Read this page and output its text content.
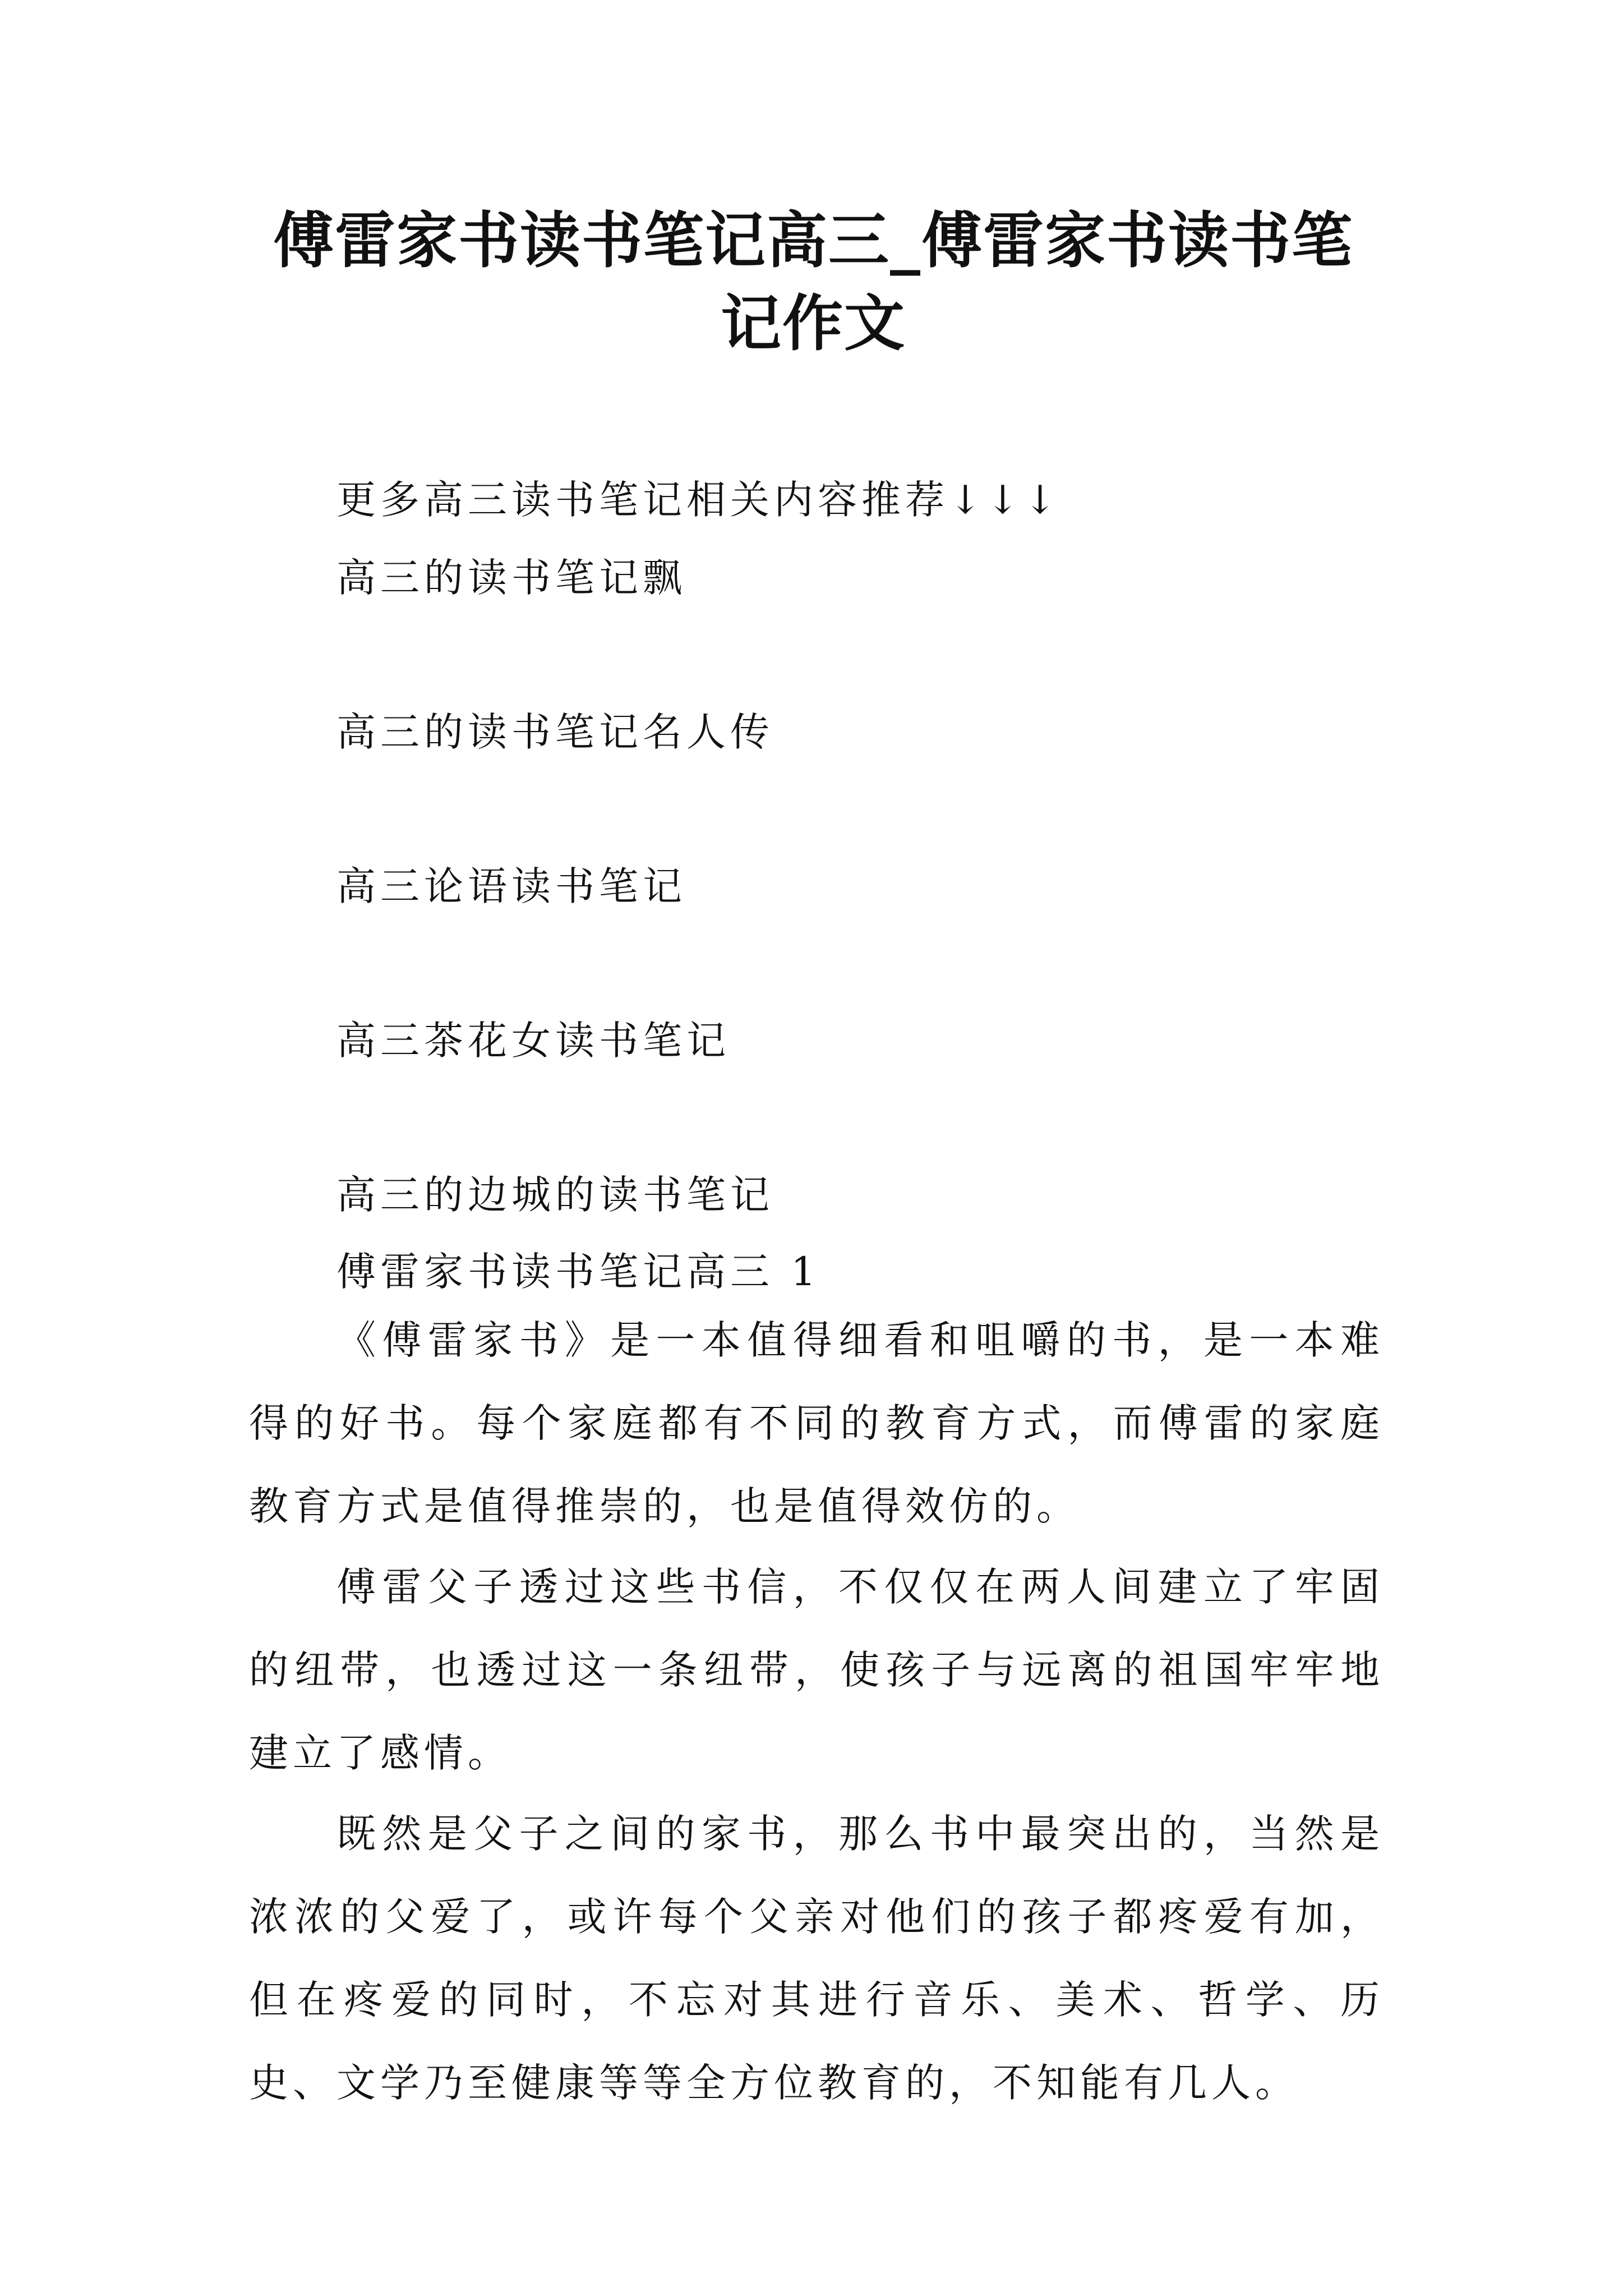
傅雷家书读书笔记高三_傅雷家书读书笔记作文

更多高三读书笔记相关内容推荐↓↓↓

高三的读书笔记飘

高三的读书笔记名人传

高三论语读书笔记

高三茶花女读书笔记

高三的边城的读书笔记

傅雷家书读书笔记高三 1

《傅雷家书》是一本值得细看和咀嚼的书，是一本难得的好书。每个家庭都有不同的教育方式，而傅雷的家庭教育方式是值得推崇的，也是值得效仿的。

傅雷父子透过这些书信，不仅仅在两人间建立了牢固的纽带，也透过这一条纽带，使孩子与远离的祖国牢牢地建立了感情。

既然是父子之间的家书，那么书中最突出的，当然是浓浓的父爱了，或许每个父亲对他们的孩子都疼爱有加，但在疼爱的同时，不忘对其进行音乐、美术、哲学、历史、文学乃至健康等等全方位教育的，不知能有几人。
